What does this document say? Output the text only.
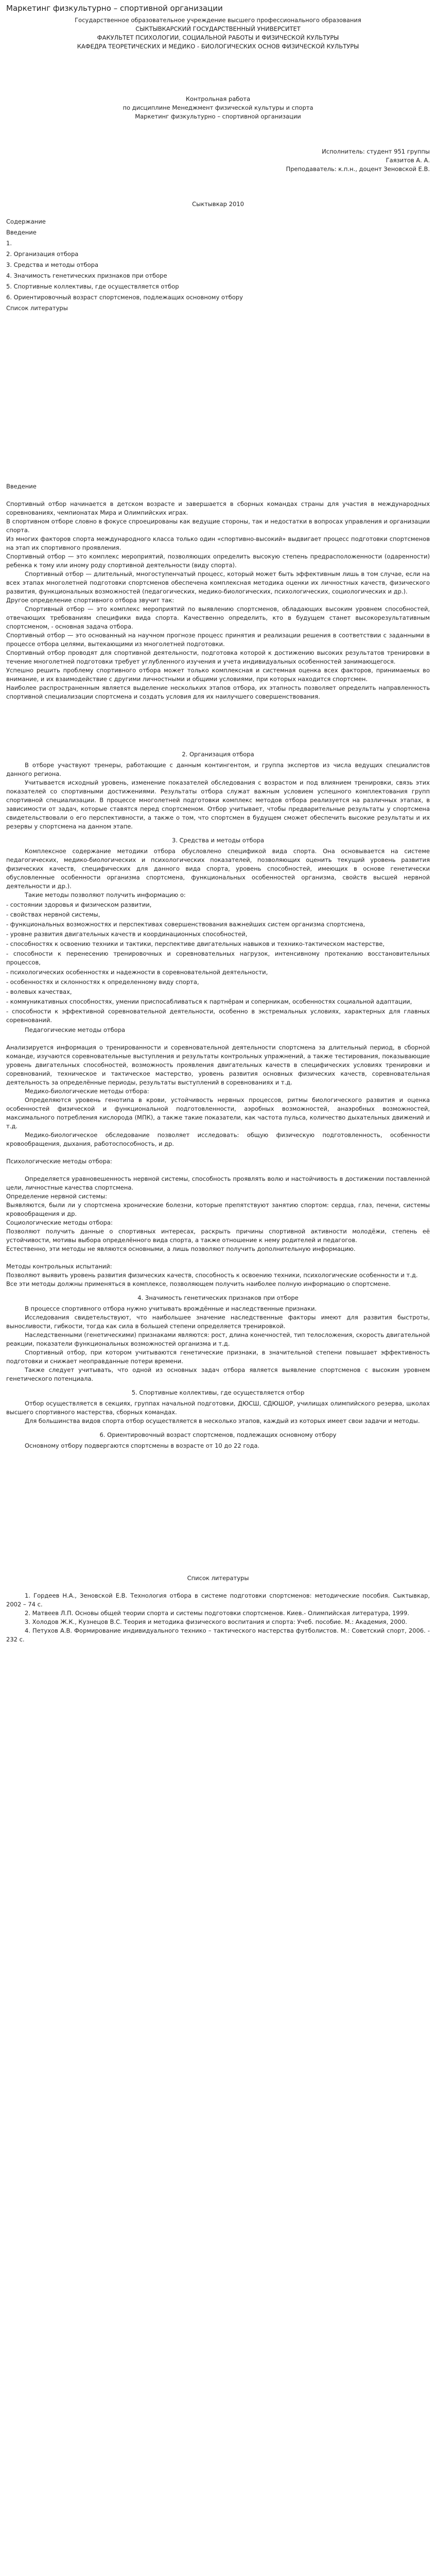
Маркетинг физкультурно – спортивной организации

Государственное образовательное учреждение высшего профессионального образования

СЫКТЫВКАРСКИЙ ГОСУДАРСТВЕННЫЙ УНИВЕРСИТЕТ

ФАКУЛЬТЕТ ПСИХОЛОГИИ, СОЦИАЛЬНОЙ РАБОТЫ И ФИЗИЧЕСКОЙ КУЛЬТУРЫ

КАФЕДРА ТЕОРЕТИЧЕСКИХ И МЕДИКО - БИОЛОГИЧЕСКИХ ОСНОВ ФИЗИЧЕСКОЙ КУЛЬТУРЫ

Контрольная работа

по дисциплине Менеджмент физической культуры и спорта

Маркетинг физкультурно – спортивной организации

Исполнитель: студент 951 группы

Гаязитов А. А.

Преподаватель: к.п.н., доцент Зеновской Е.В.

Сыктывкар 2010

Содержание

Введение

1.

2. Организация отбора

3. Средства и методы отбора

4. Значимость генетических признаков при отборе

5. Спортивные коллективы, где осуществляется отбор

6. Ориентировочный возраст спортсменов, подлежащих основному отбору

Список литературы

Введение

Спортивный отбор начинается в детском возрасте и завершается в сборных командах страны для участия в международных соревнованиях, чемпионатах Мира и Олимпийских играх.

В спортивном отборе словно в фокусе спроецированы как ведущие стороны, так и недостатки в вопросах управления и организации спорта.

Из многих факторов спорта международного класса только один «спортивно-высокий» выдвигает процесс подготовки спортсменов на этап их спортивного проявления.

Спортивный отбор — это комплекс мероприятий, позволяющих определить высокую степень предрасположенности (одаренности) ребенка к тому или иному роду спортивной деятельности (виду спорта).

Спортивный отбор — длительный, многоступенчатый процесс, который может быть эффективным лишь в том случае, если на всех этапах многолетней подготовки спортсменов обеспечена комплексная методика оценки их личностных качеств, физического развития, функциональных возможностей (педагогических, медико-биологических, психологических, социологических и др.).

Другое определение спортивного отбора звучит так:

Спортивный отбор — это комплекс мероприятий по выявлению спортсменов, обладающих высоким уровнем способностей, отвечающих требованиям специфики вида спорта. Качественно определить, кто в будущем станет высокорезультативным спортсменом, - основная задача отбора.

Спортивный отбор — это основанный на научном прогнозе процесс принятия и реализации решения в соответствии с заданными в процессе отбора целями, вытекающими из многолетней подготовки.

Спортивный отбор проводят для спортивной деятельности, подготовка которой к достижению высоких результатов тренировки в течение многолетней подготовки требует углубленного изучения и учета индивидуальных особенностей занимающегося.

Успешно решить проблему спортивного отбора может только комплексная и системная оценка всех факторов, принимаемых во внимание, и их взаимодействие с другими личностными и общими условиями, при которых находится спортсмен.

Наиболее распространенным является выделение нескольких этапов отбора, их этапность позволяет определить направленность спортивной специализации спортсмена и создать условия для их наилучшего совершенствования.

2. Организация отбора

В отборе участвуют тренеры, работающие с данным контингентом, и группа экспертов из числа ведущих специалистов данного региона.

Учитывается исходный уровень, изменение показателей обследования с возрастом и под влиянием тренировки, связь этих показателей со спортивными достижениями. Результаты отбора служат важным условием успешного комплектования групп спортивной специализации. В процессе многолетней подготовки комплекс методов отбора реализуется на различных этапах, в зависимости от задач, которые ставятся перед спортсменом. Отбор учитывает, чтобы предварительные результаты у спортсмена свидетельствовали о его перспективности, а также о том, что спортсмен в будущем сможет обеспечить высокие результаты и их резервы у спортсмена на данном этапе.

3. Средства и методы отбора

Комплексное содержание методики отбора обусловлено спецификой вида спорта. Она основывается на системе педагогических, медико-биологических и психологических показателей, позволяющих оценить текущий уровень развития физических качеств, специфических для данного вида спорта, уровень способностей, имеющих в основе генетически обусловленные особенности организма спортсмена, функциональных особенностей организма, свойств высшей нервной деятельности и др.).

Такие методы позволяют получить информацию о:

- состоянии здоровья и физическом развитии,

- свойствах нервной системы,

- функциональных возможностях и перспективах совершенствования важнейших систем организма спортсмена,

- уровне развития двигательных качеств и координационных способностей,

- способностях к освоению техники и тактики, перспективе двигательных навыков и технико-тактическом мастерстве,

- способности к перенесению тренировочных и соревновательных нагрузок, интенсивному протеканию восстановительных процессов,

- психологических особенностях и надежности в соревновательной деятельности,

- особенностях и склонностях к определенному виду спорта,

- волевых качествах,

- коммуникативных способностях, умении приспосабливаться к партнёрам и соперникам, особенностях социальной адаптации,

- способности к эффективной соревновательной деятельности, особенно в экстремальных условиях, характерных для главных соревнований.

Педагогические методы отбора

Анализируется информация о тренированности и соревновательной деятельности спортсмена за длительный период, в сборной команде, изучаются соревновательные выступления и результаты контрольных упражнений, а также тестирования, показывающие уровень двигательных способностей, возможность проявления двигательных качеств в специфических условиях тренировки и соревнований, техническое и тактическое мастерство, уровень развития основных физических качеств, соревновательная деятельность за определённые периоды, результаты выступлений в соревнованиях и т.д.

Медико-биологические методы отбора:

Определяются уровень генотипа в крови, устойчивость нервных процессов, ритмы биологического развития и оценка особенностей физической и функциональной подготовленности, аэробных возможностей, анаэробных возможностей, максимального потребления кислорода (МПК), а также такие показатели, как частота пульса, количество дыхательных движений и т.д.

Медико-биологическое обследование позволяет исследовать: общую физическую подготовленность, особенности кровообращения, дыхания, работоспособность, и др.

Психологические методы отбора:

Определяется уравновешенность нервной системы, способность проявлять волю и настойчивость в достижении поставленной цели, личностные качества спортсмена.

Определение нервной системы:

Выявляются, были ли у спортсмена хронические болезни, которые препятствуют занятию спортом: сердца, глаз, печени, системы кровообращения и др.

Социологические методы отбора:

Позволяют получить данные о спортивных интересах, раскрыть причины спортивной активности молодёжи, степень её устойчивости, мотивы выбора определённого вида спорта, а также отношение к нему родителей и педагогов.

Естественно, эти методы не являются основными, а лишь позволяют получить дополнительную информацию.

Методы контрольных испытаний:

Позволяют выявить уровень развития физических качеств, способность к освоению техники, психологические особенности и т.д.

Все эти методы должны применяться в комплексе, позволяющем получить наиболее полную информацию о спортсмене.

4. Значимость генетических признаков при отборе

В процессе спортивного отбора нужно учитывать врождённые и наследственные признаки.

Исследования свидетельствуют, что наибольшее значение наследственные факторы имеют для развития быстроты, выносливости, гибкости, тогда как сила в большей степени определяется тренировкой.

Наследственными (генетическими) признаками являются: рост, длина конечностей, тип телосложения, скорость двигательной реакции, показатели функциональных возможностей организма и т.д.

Спортивный отбор, при котором учитываются генетические признаки, в значительной степени повышает эффективность подготовки и снижает неоправданные потери времени.

Также следует учитывать, что одной из основных задач отбора является выявление спортсменов с высоким уровнем генетического потенциала.

5. Спортивные коллективы, где осуществляется отбор

Отбор осуществляется в секциях, группах начальной подготовки, ДЮСШ, СДЮШОР, училищах олимпийского резерва, школах высшего спортивного мастерства, сборных командах.

Для большинства видов спорта отбор осуществляется в несколько этапов, каждый из которых имеет свои задачи и методы.

6. Ориентировочный возраст спортсменов, подлежащих основному отбору

Основному отбору подвергаются спортсмены в возрасте от 10 до 22 года.

Список литературы

1. Гордеев Н.А., Зеновской Е.В. Технология отбора в системе подготовки спортсменов: методические пособия. Сыктывкар, 2002 – 74 с.

2. Матвеев Л.П. Основы общей теории спорта и системы подготовки спортсменов. Киев.- Олимпийская литература, 1999.

3. Холодов Ж.К., Кузнецов В.С. Теория и методика физического воспитания и спорта: Учеб. пособие. М.: Академия, 2000.

4. Петухов А.В. Формирование индивидуального технико – тактического мастерства футболистов. М.: Советский спорт, 2006. - 232 с.
